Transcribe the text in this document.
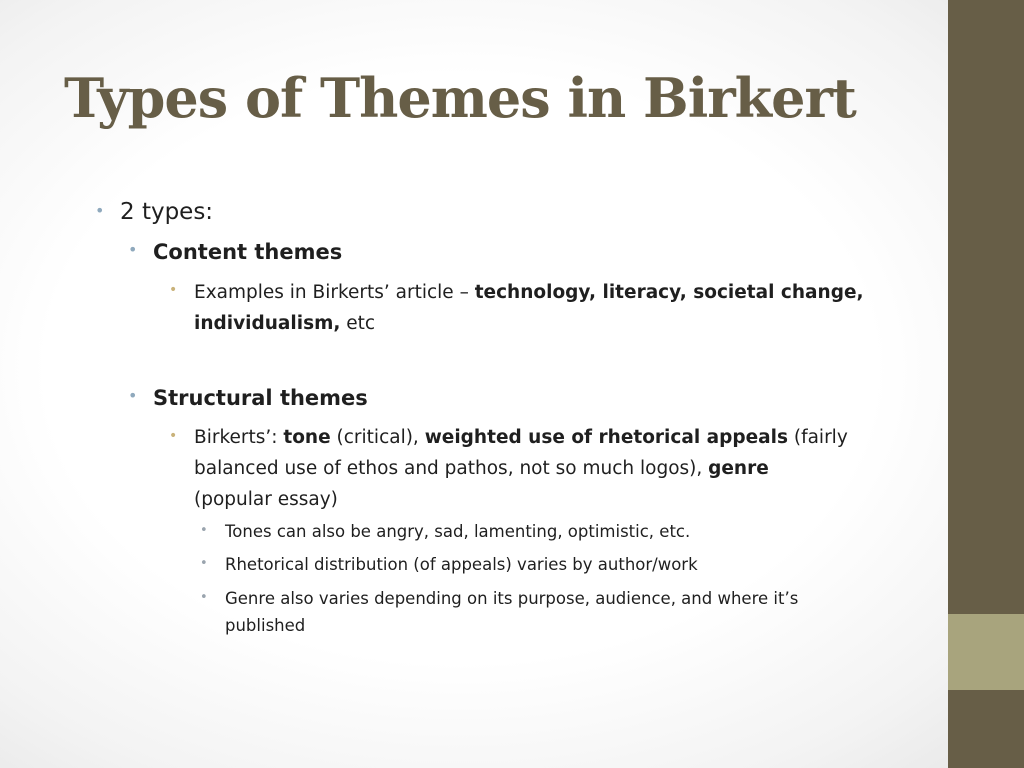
Types of Themes in Birkert
• 2 types:
• Content themes
• Examples in Birkerts’ article – technology, literacy, societal change,
individualism, etc
• Structural themes
• Birkerts’: tone (critical), weighted use of rhetorical appeals (fairly
balanced use of ethos and pathos, not so much logos), genre
(popular essay)
• Tones can also be angry, sad, lamenting, optimistic, etc.
• Rhetorical distribution (of appeals) varies by author/work
• Genre also varies depending on its purpose, audience, and where it’s
published
